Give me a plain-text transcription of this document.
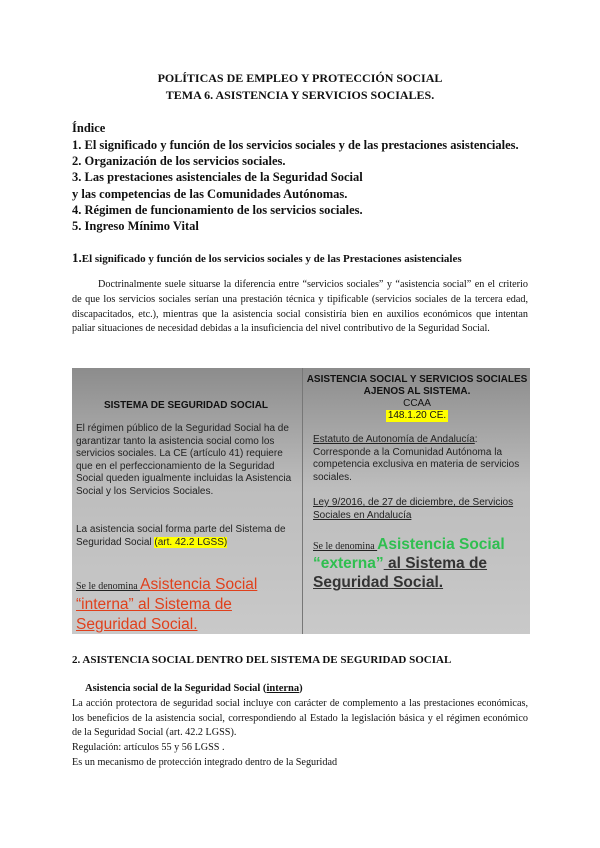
POLÍTICAS DE EMPLEO Y PROTECCIÓN SOCIAL
TEMA 6. ASISTENCIA Y SERVICIOS SOCIALES.
Índice
1. El significado y función de los servicios sociales y de las prestaciones asistenciales.
2. Organización de los servicios sociales.
3. Las prestaciones asistenciales de la Seguridad Social
y las competencias de las Comunidades Autónomas.
4. Régimen de funcionamiento de los servicios sociales.
5. Ingreso Mínimo Vital
1.El significado y función de los servicios sociales y de las Prestaciones asistenciales
Doctrinalmente suele situarse la diferencia entre “servicios sociales” y “asistencia social” en el criterio de que los servicios sociales serían una prestación técnica y tipificable (servicios sociales de la tercera edad, discapacitados, etc.), mientras que la asistencia social consistiría bien en auxilios económicos que intentan paliar situaciones de necesidad debidas a la insuficiencia del nivel contributivo de la Seguridad Social.
SISTEMA DE SEGURIDAD SOCIAL
El régimen público de la Seguridad Social ha de garantizar tanto la asistencia social como los servicios sociales. La CE (artículo 41) requiere que en el perfeccionamiento de la Seguridad Social queden igualmente incluidas la Asistencia Social y los Servicios Sociales.
La asistencia social forma parte del Sistema de Seguridad Social (art. 42.2 LGSS)
Se le denomina Asistencia Social “interna” al Sistema de Seguridad Social.
ASISTENCIA SOCIAL Y SERVICIOS SOCIALES AJENOS AL SISTEMA.
CCAA
148.1.20 CE.
Estatuto de Autonomía de Andalucía: Corresponde a la Comunidad Autónoma la competencia exclusiva en materia de servicios sociales.
Ley 9/2016, de 27 de diciembre, de Servicios Sociales en Andalucía
Se le denomina Asistencia Social “externa” al Sistema de Seguridad Social.
2. ASISTENCIA SOCIAL DENTRO DEL SISTEMA DE SEGURIDAD SOCIAL
Asistencia social de la Seguridad Social (interna)
La acción protectora de seguridad social incluye con carácter de complemento a las prestaciones económicas, los beneficios de la asistencia social, correspondiendo al Estado la legislación básica y el régimen económico de la Seguridad Social (art. 42.2 LGSS).
Regulación: artículos 55 y 56 LGSS .
Es un mecanismo de protección integrado dentro de la Seguridad
